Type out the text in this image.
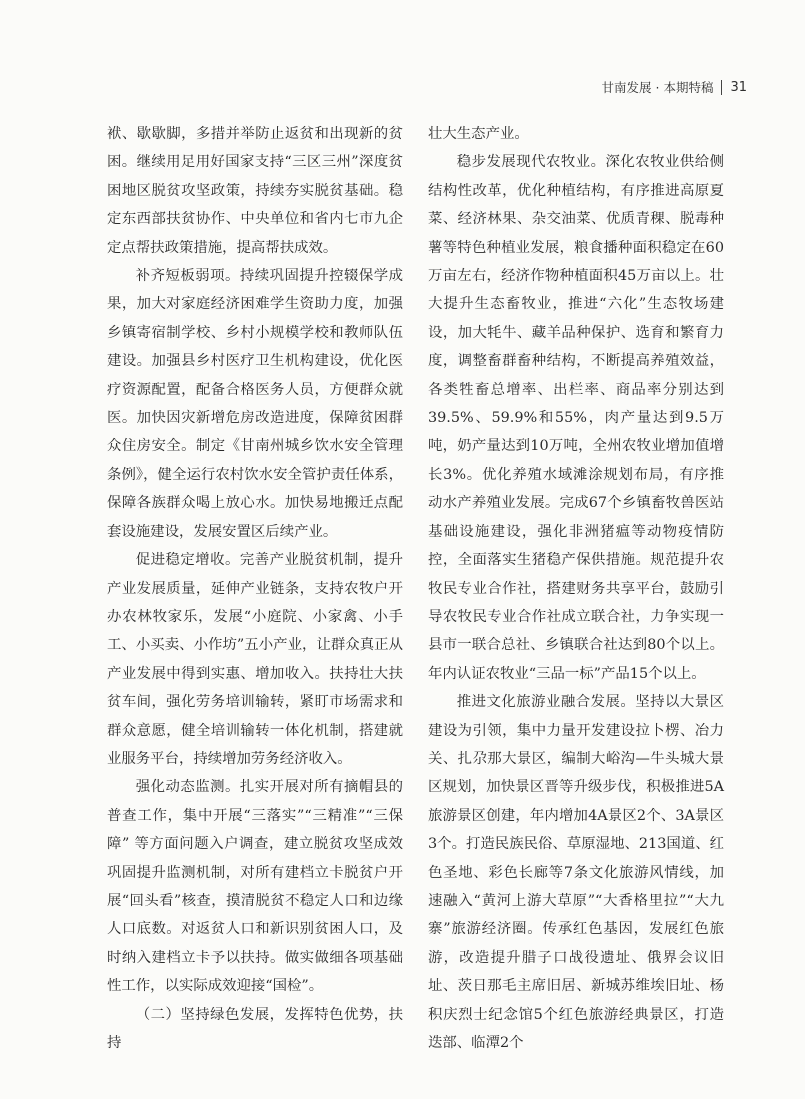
甘南发展 · 本期特稿 31

袱、歇歇脚，多措并举防止返贫和出现新的贫困。继续用足用好国家支持“三区三州”深度贫困地区脱贫攻坚政策，持续夯实脱贫基础。稳定东西部扶贫协作、中央单位和省内七市九企定点帮扶政策措施，提高帮扶成效。

补齐短板弱项。持续巩固提升控辍保学成果，加大对家庭经济困难学生资助力度，加强乡镇寄宿制学校、乡村小规模学校和教师队伍建设。加强县乡村医疗卫生机构建设，优化医疗资源配置，配备合格医务人员，方便群众就医。加快因灾新增危房改造进度，保障贫困群众住房安全。制定《甘南州城乡饮水安全管理条例》，健全运行农村饮水安全管护责任体系，保障各族群众喝上放心水。加快易地搬迁点配套设施建设，发展安置区后续产业。

促进稳定增收。完善产业脱贫机制，提升产业发展质量，延伸产业链条，支持农牧户开办农林牧家乐，发展“小庭院、小家禽、小手工、小买卖、小作坊”五小产业，让群众真正从产业发展中得到实惠、增加收入。扶持壮大扶贫车间，强化劳务培训输转，紧盯市场需求和群众意愿，健全培训输转一体化机制，搭建就业服务平台，持续增加劳务经济收入。

强化动态监测。扎实开展对所有摘帽县的普查工作，集中开展“三落实”“三精准”“三保障” 等方面问题入户调查，建立脱贫攻坚成效巩固提升监测机制，对所有建档立卡脱贫户开展“回头看”核查，摸清脱贫不稳定人口和边缘人口底数。对返贫人口和新识别贫困人口，及时纳入建档立卡予以扶持。做实做细各项基础性工作，以实际成效迎接“国检”。

（二）坚持绿色发展，发挥特色优势，扶持

壮大生态产业。

稳步发展现代农牧业。深化农牧业供给侧结构性改革，优化种植结构，有序推进高原夏菜、经济林果、杂交油菜、优质青稞、脱毒种薯等特色种植业发展，粮食播种面积稳定在60万亩左右，经济作物种植面积45万亩以上。壮大提升生态畜牧业，推进“六化”生态牧场建设，加大牦牛、藏羊品种保护、选育和繁育力度，调整畜群畜种结构，不断提高养殖效益，各类牲畜总增率、出栏率、商品率分别达到39.5%、59.9%和55%，肉产量达到9.5万吨，奶产量达到10万吨，全州农牧业增加值增长3%。优化养殖水域滩涂规划布局，有序推动水产养殖业发展。完成67个乡镇畜牧兽医站基础设施建设，强化非洲猪瘟等动物疫情防控，全面落实生猪稳产保供措施。规范提升农牧民专业合作社，搭建财务共享平台，鼓励引导农牧民专业合作社成立联合社，力争实现一县市一联合总社、乡镇联合社达到80个以上。年内认证农牧业“三品一标”产品15个以上。

推进文化旅游业融合发展。坚持以大景区建设为引领，集中力量开发建设拉卜楞、冶力关、扎尕那大景区，编制大峪沟—牛头城大景区规划，加快景区晋等升级步伐，积极推进5A旅游景区创建，年内增加4A景区2个、3A景区3个。打造民族民俗、草原湿地、213国道、红色圣地、彩色长廊等7条文化旅游风情线，加速融入“黄河上游大草原”“大香格里拉”“大九寨”旅游经济圈。传承红色基因，发展红色旅游，改造提升腊子口战役遗址、俄界会议旧址、茨日那毛主席旧居、新城苏维埃旧址、杨积庆烈士纪念馆5个红色旅游经典景区，打造迭部、临潭2个
